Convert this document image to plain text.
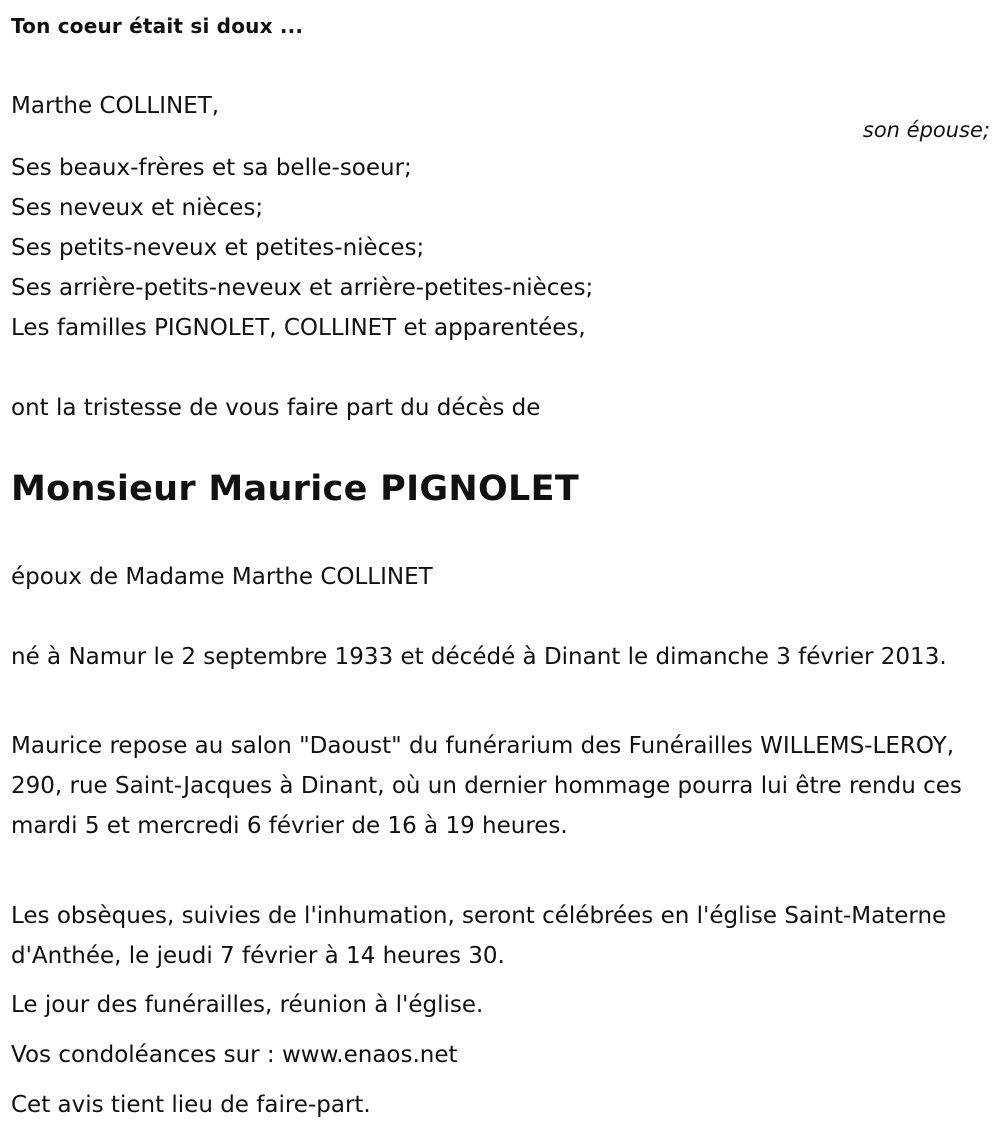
Ton coeur était si doux ...

Marthe COLLINET,

son épouse;
Ses beaux-frères et sa belle-soeur;
Ses neveux et nièces;
Ses petits-neveux et petites-nièces;
Ses arrière-petits-neveux et arrière-petites-nièces;
Les familles PIGNOLET, COLLINET et apparentées,

ont la tristesse de vous faire part du décès de

Monsieur Maurice PIGNOLET

époux de Madame Marthe COLLINET

né à Namur le 2 septembre 1933 et décédé à Dinant le dimanche 3 février 2013.

Maurice repose au salon "Daoust" du funérarium des Funérailles WILLEMS-LEROY, 290, rue Saint-Jacques à Dinant, où un dernier hommage pourra lui être rendu ces mardi 5 et mercredi 6 février de 16 à 19 heures.

Les obsèques, suivies de l'inhumation, seront célébrées en l'église Saint-Materne d'Anthée, le jeudi 7 février à 14 heures 30.

Le jour des funérailles, réunion à l'église.

Vos condoléances sur : www.enaos.net

Cet avis tient lieu de faire-part.
